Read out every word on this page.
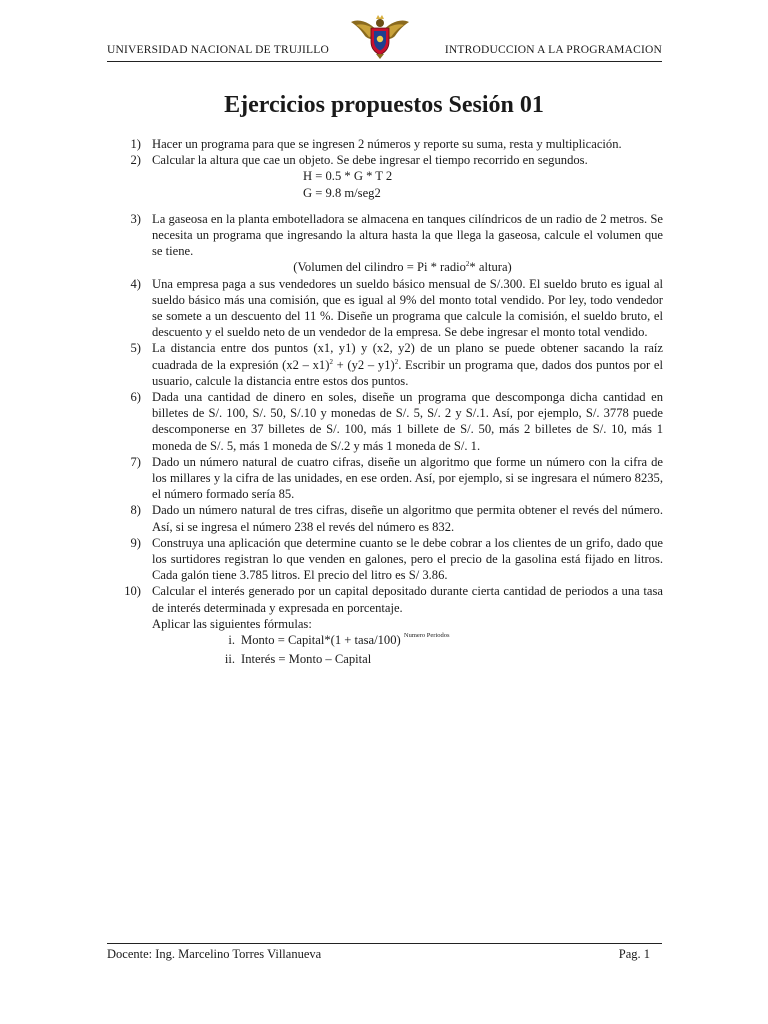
UNIVERSIDAD NACIONAL DE TRUJILLO	INTRODUCCION A LA PROGRAMACION
Ejercicios propuestos Sesión 01
1) Hacer un programa para que se ingresen 2 números y reporte su suma, resta y multiplicación.
2) Calcular la altura que cae un objeto. Se debe ingresar el tiempo recorrido en segundos.
H = 0.5 * G * T 2
G = 9.8 m/seg2
3) La gaseosa en la planta embotelladora se almacena en tanques cilíndricos de un radio de 2 metros. Se necesita un programa que ingresando la altura hasta la que llega la gaseosa, calcule el volumen que se tiene.
(Volumen del cilindro = Pi * radio$^2$* altura)
4) Una empresa paga a sus vendedores un sueldo básico mensual de S/.300. El sueldo bruto es igual al sueldo básico más una comisión, que es igual al 9% del monto total vendido. Por ley, todo vendedor se somete a un descuento del 11 %. Diseñe un programa que calcule la comisión, el sueldo bruto, el descuento y el sueldo neto de un vendedor de la empresa. Se debe ingresar el monto total vendido.
5) La distancia entre dos puntos (x1, y1) y (x2, y2) de un plano se puede obtener sacando la raíz cuadrada de la expresión (x2 – x1)$^2$ + (y2 – y1)$^2$. Escribir un programa que, dados dos puntos por el usuario, calcule la distancia entre estos dos puntos.
6) Dada una cantidad de dinero en soles, diseñe un programa que descomponga dicha cantidad en billetes de S/. 100, S/. 50, S/.10 y monedas de S/. 5, S/. 2 y S/.1. Así, por ejemplo, S/. 3778 puede descomponerse en 37 billetes de S/. 100, más 1 billete de S/. 50, más 2 billetes de S/. 10, más 1 moneda de S/. 5, más 1 moneda de S/.2 y más 1 moneda de S/. 1.
7) Dado un número natural de cuatro cifras, diseñe un algoritmo que forme un número con la cifra de los millares y la cifra de las unidades, en ese orden. Así, por ejemplo, si se ingresara el número 8235, el número formado sería 85.
8) Dado un número natural de tres cifras, diseñe un algoritmo que permita obtener el revés del número. Así, si se ingresa el número 238 el revés del número es 832.
9) Construya una aplicación que determine cuanto se le debe cobrar a los clientes de un grifo, dado que los surtidores registran lo que venden en galones, pero el precio de la gasolina está fijado en litros. Cada galón tiene 3.785 litros. El precio del litro es S/ 3.86.
10) Calcular el interés generado por un capital depositado durante cierta cantidad de periodos a una tasa de interés determinada y expresada en porcentaje.
Aplicar las siguientes fórmulas:
i. Monto = Capital*(1 + tasa/100) $^{Numero Periodos}$
ii. Interés = Monto – Capital
Docente: Ing. Marcelino Torres Villanueva	Pag. 1
